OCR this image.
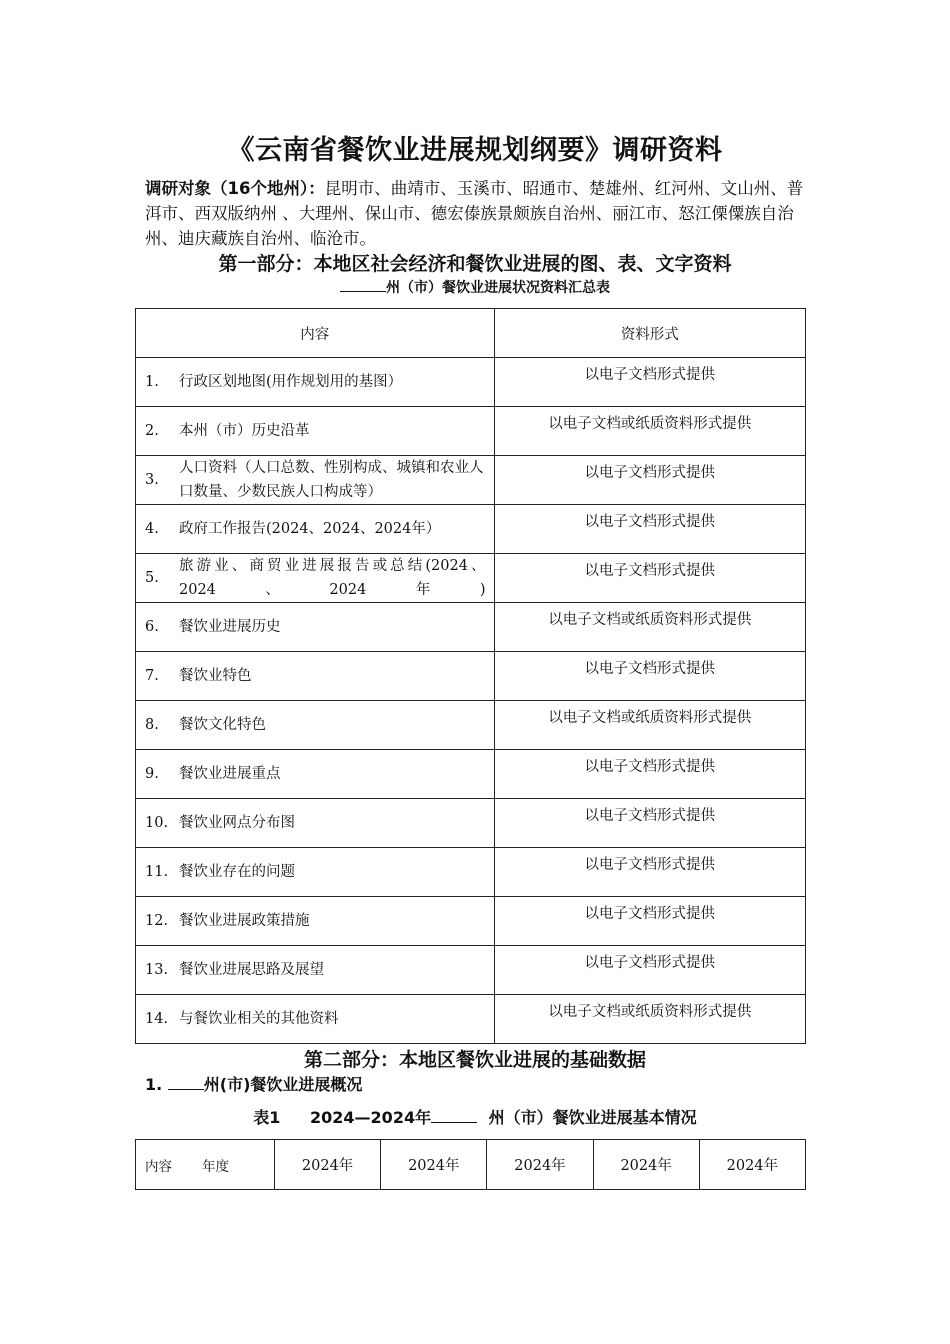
《云南省餐饮业进展规划纲要》调研资料
调研对象（16个地州）：昆明市、曲靖市、玉溪市、昭通市、楚雄州、红河州、文山州、普洱市、西双版纳州 、大理州、保山市、德宏傣族景颇族自治州、丽江市、怒江傈僳族自治州、迪庆藏族自治州、临沧市。
第一部分：本地区社会经济和餐饮业进展的图、表、文字资料
州（市）餐饮业进展状况资料汇总表
内容	资料形式

1. 行政区划地图(用作规划用的基图）	以电子文档形式提供

2. 本州（市）历史沿革	以电子文档或纸质资料形式提供

3.
人口资料（人口总数、性别构成、城镇和农业人口数量、少数民族人口构成等）	以电子文档形式提供

4. 政府工作报告(2024、2024、2024年）	以电子文档形式提供

5.
旅游业、商贸业进展报告或总结(2024、2024、2024年)	以电子文档形式提供

6. 餐饮业进展历史	以电子文档或纸质资料形式提供

7. 餐饮业特色	以电子文档形式提供

8. 餐饮文化特色	以电子文档或纸质资料形式提供

9. 餐饮业进展重点	以电子文档形式提供

10. 餐饮业网点分布图	以电子文档形式提供

11. 餐饮业存在的问题	以电子文档形式提供

12. 餐饮业进展政策措施	以电子文档形式提供

13. 餐饮业进展思路及展望	以电子文档形式提供

14. 与餐饮业相关的其他资料	以电子文档或纸质资料形式提供
第二部分：本地区餐饮业进展的基础数据
1.	州(市)餐饮业进展概况
表1 2024—2024年	州（市）餐饮业进展基本情况
内容 年度	2024年	2024年	2024年	2024年	2024年
